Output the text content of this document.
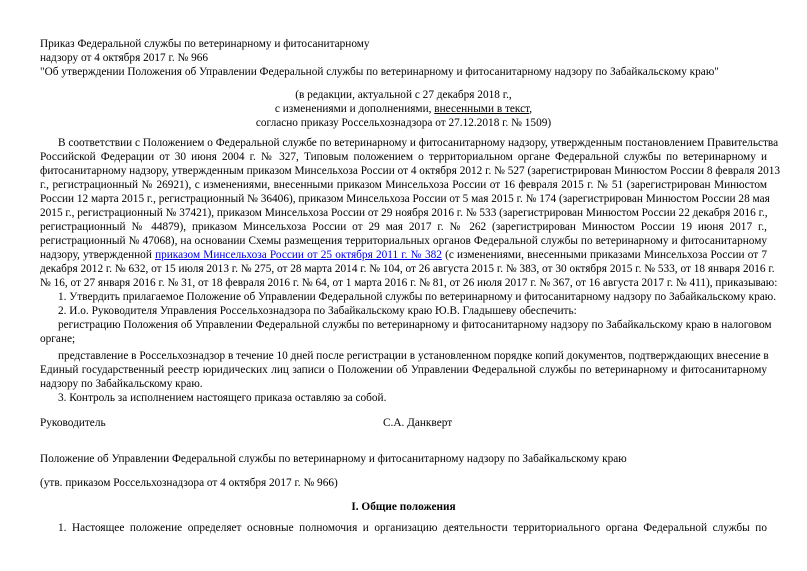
Приказ Федеральной службы по ветеринарному и фитосанитарному
надзору от 4 октября 2017 г. № 966
"Об утверждении Положения об Управлении Федеральной службы по ветеринарному и фитосанитарному надзору по Забайкальскому краю"
(в редакции, актуальной с 27 декабря 2018 г.,
с изменениями и дополнениями, внесенными в текст,
согласно приказу Россельхознадзора от 27.12.2018 г. № 1509)
В соответствии с Положением о Федеральной службе по ветеринарному и фитосанитарному надзору, утвержденным постановлением Правительства
Российской Федерации от 30 июня 2004 г. № 327, Типовым положением о территориальном органе Федеральной службы по ветеринарному и
фитосанитарному надзору, утвержденным приказом Минсельхоза России от 4 октября 2012 г. № 527 (зарегистрирован Минюстом России 8 февраля 2013
г., регистрационный № 26921), с изменениями, внесенными приказом Минсельхоза России от 16 февраля 2015 г. № 51 (зарегистрирован Минюстом
России 12 марта 2015 г., регистрационный № 36406), приказом Минсельхоза России от 5 мая 2015 г. № 174 (зарегистрирован Минюстом России 28 мая
2015 г., регистрационный № 37421), приказом Минсельхоза России от 29 ноября 2016 г. № 533 (зарегистрирован Минюстом России 22 декабря 2016 г.,
регистрационный № 44879), приказом Минсельхоза России от 29 мая 2017 г. № 262 (зарегистрирован Минюстом России 19 июня 2017 г.,
регистрационный № 47068), на основании Схемы размещения территориальных органов Федеральной службы по ветеринарному и фитосанитарному
надзору, утвержденной приказом Минсельхоза России от 25 октября 2011 г. № 382 (с изменениями, внесенными приказами Минсельхоза России от 7
декабря 2012 г. № 632, от 15 июля 2013 г. № 275, от 28 марта 2014 г. № 104, от 26 августа 2015 г. № 383, от 30 октября 2015 г. № 533, от 18 января 2016 г.
№ 16, от 27 января 2016 г. № 31, от 18 февраля 2016 г. № 64, от 1 марта 2016 г. № 81, от 26 июля 2017 г. № 367, от 16 августа 2017 г. № 411), приказываю:
1. Утвердить прилагаемое Положение об Управлении Федеральной службы по ветеринарному и фитосанитарному надзору по Забайкальскому краю.
2. И.о. Руководителя Управления Россельхознадзора по Забайкальскому краю Ю.В. Гладышеву обеспечить:
регистрацию Положения об Управлении Федеральной службы по ветеринарному и фитосанитарному надзору по Забайкальскому краю в налоговом
органе;
представление в Россельхознадзор в течение 10 дней после регистрации в установленном порядке копий документов, подтверждающих внесение в
Единый государственный реестр юридических лиц записи о Положении об Управлении Федеральной службы по ветеринарному и фитосанитарному
надзору по Забайкальскому краю.
3. Контроль за исполнением настоящего приказа оставляю за собой.
Руководитель	С.А. Данкверт
Положение об Управлении Федеральной службы по ветеринарному и фитосанитарному надзору по Забайкальскому краю
(утв. приказом Россельхознадзора от 4 октября 2017 г. № 966)
I. Общие положения
1. Настоящее положение определяет основные полномочия и организацию деятельности территориального органа Федеральной службы по
